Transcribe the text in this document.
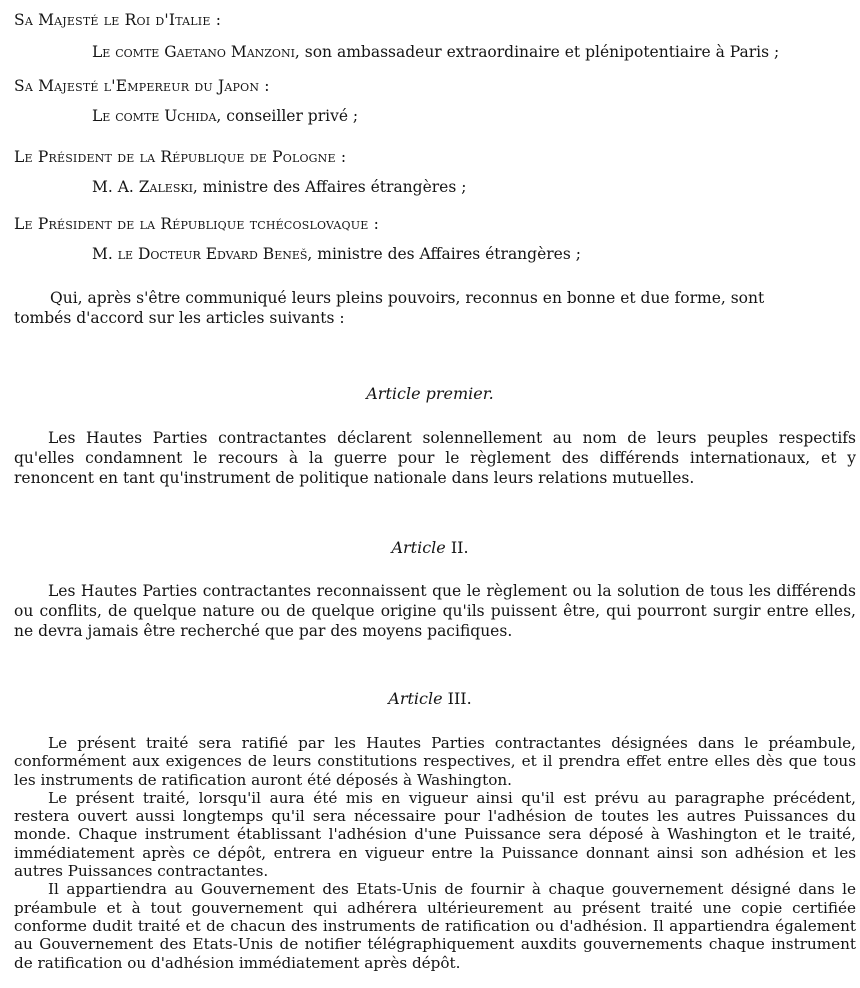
Sa Majesté le Roi d'Italie :
Le comte Gaetano Manzoni, son ambassadeur extraordinaire et plénipotentiaire à Paris ;
Sa Majesté l'Empereur du Japon :
Le comte Uchida, conseiller privé ;
Le Président de la République de Pologne :
M. A. Zaleski, ministre des Affaires étrangères ;
Le Président de la République tchécoslovaque :
M. le Docteur Edvard Beneš, ministre des Affaires étrangères ;
Qui, après s'être communiqué leurs pleins pouvoirs, reconnus en bonne et due forme, sont
tombés d'accord sur les articles suivants :
Article premier.

Les Hautes Parties contractantes déclarent solennellement au nom de leurs peuples respectifs qu'elles condamnent le recours à la guerre pour le règlement des différends internationaux, et y renoncent en tant qu'instrument de politique nationale dans leurs relations mutuelles.

Article II.

Les Hautes Parties contractantes reconnaissent que le règlement ou la solution de tous les différends ou conflits, de quelque nature ou de quelque origine qu'ils puissent être, qui pourront surgir entre elles, ne devra jamais être recherché que par des moyens pacifiques.

Article III.

Le présent traité sera ratifié par les Hautes Parties contractantes désignées dans le préambule, conformément aux exigences de leurs constitutions respectives, et il prendra effet entre elles dès que tous les instruments de ratification auront été déposés à Washington.

Le présent traité, lorsqu'il aura été mis en vigueur ainsi qu'il est prévu au paragraphe précédent, restera ouvert aussi longtemps qu'il sera nécessaire pour l'adhésion de toutes les autres Puissances du monde. Chaque instrument établissant l'adhésion d'une Puissance sera déposé à Washington et le traité, immédiatement après ce dépôt, entrera en vigueur entre la Puissance donnant ainsi son adhésion et les autres Puissances contractantes.

Il appartiendra au Gouvernement des Etats-Unis de fournir à chaque gouvernement désigné dans le préambule et à tout gouvernement qui adhérera ultérieurement au présent traité une copie certifiée conforme dudit traité et de chacun des instruments de ratification ou d'adhésion. Il appartiendra également au Gouvernement des Etats-Unis de notifier télégraphiquement auxdits gouvernements chaque instrument de ratification ou d'adhésion immédiatement après dépôt.
